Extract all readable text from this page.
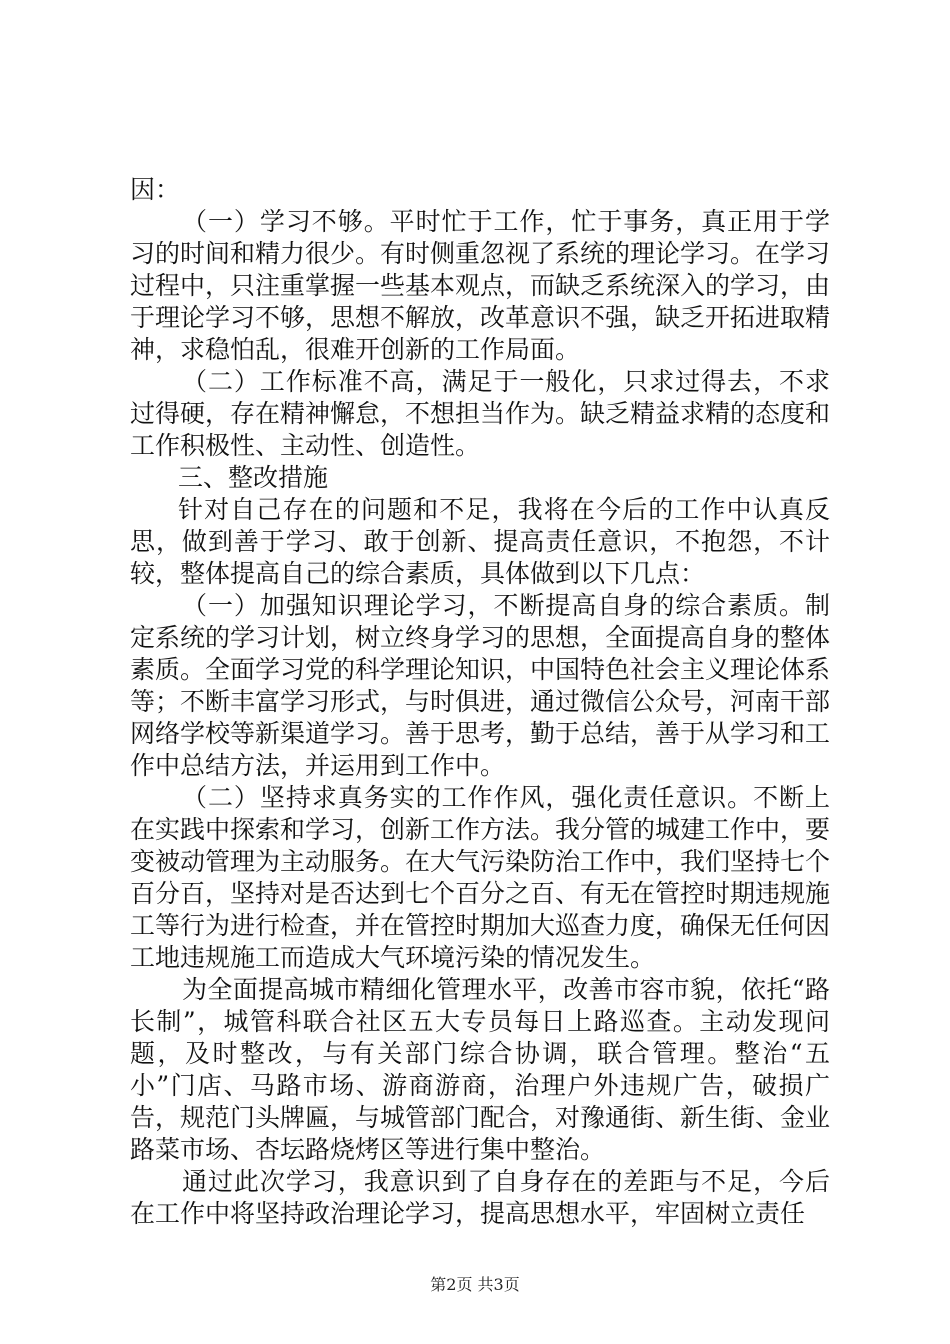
因：

（一）学习不够。平时忙于工作，忙于事务，真正用于学习的时间和精力很少。有时侧重忽视了系统的理论学习。在学习过程中，只注重掌握一些基本观点，而缺乏系统深入的学习，由于理论学习不够，思想不解放，改革意识不强，缺乏开拓进取精神，求稳怕乱，很难开创新的工作局面。

（二）工作标准不高，满足于一般化，只求过得去，不求过得硬，存在精神懈怠，不想担当作为。缺乏精益求精的态度和工作积极性、主动性、创造性。

三、整改措施

针对自己存在的问题和不足，我将在今后的工作中认真反思，做到善于学习、敢于创新、提高责任意识，不抱怨，不计较，整体提高自己的综合素质，具体做到以下几点：

（一）加强知识理论学习，不断提高自身的综合素质。制定系统的学习计划，树立终身学习的思想，全面提高自身的整体素质。全面学习党的科学理论知识，中国特色社会主义理论体系等；不断丰富学习形式，与时俱进，通过微信公众号，河南干部网络学校等新渠道学习。善于思考，勤于总结，善于从学习和工作中总结方法，并运用到工作中。

（二）坚持求真务实的工作作风，强化责任意识。不断上在实践中探索和学习，创新工作方法。我分管的城建工作中，要变被动管理为主动服务。在大气污染防治工作中，我们坚持七个百分百，坚持对是否达到七个百分之百、有无在管控时期违规施工等行为进行检查，并在管控时期加大巡查力度，确保无任何因工地违规施工而造成大气环境污染的情况发生。

为全面提高城市精细化管理水平，改善市容市貌，依托“路长制”，城管科联合社区五大专员每日上路巡查。主动发现问题，及时整改，与有关部门综合协调，联合管理。整治“五小”门店、马路市场、游商游商，治理户外违规广告，破损广告，规范门头牌匾，与城管部门配合，对豫通街、新生街、金业路菜市场、杏坛路烧烤区等进行集中整治。

通过此次学习，我意识到了自身存在的差距与不足，今后在工作中将坚持政治理论学习，提高思想水平，牢固树立责任

第2页 共3页
